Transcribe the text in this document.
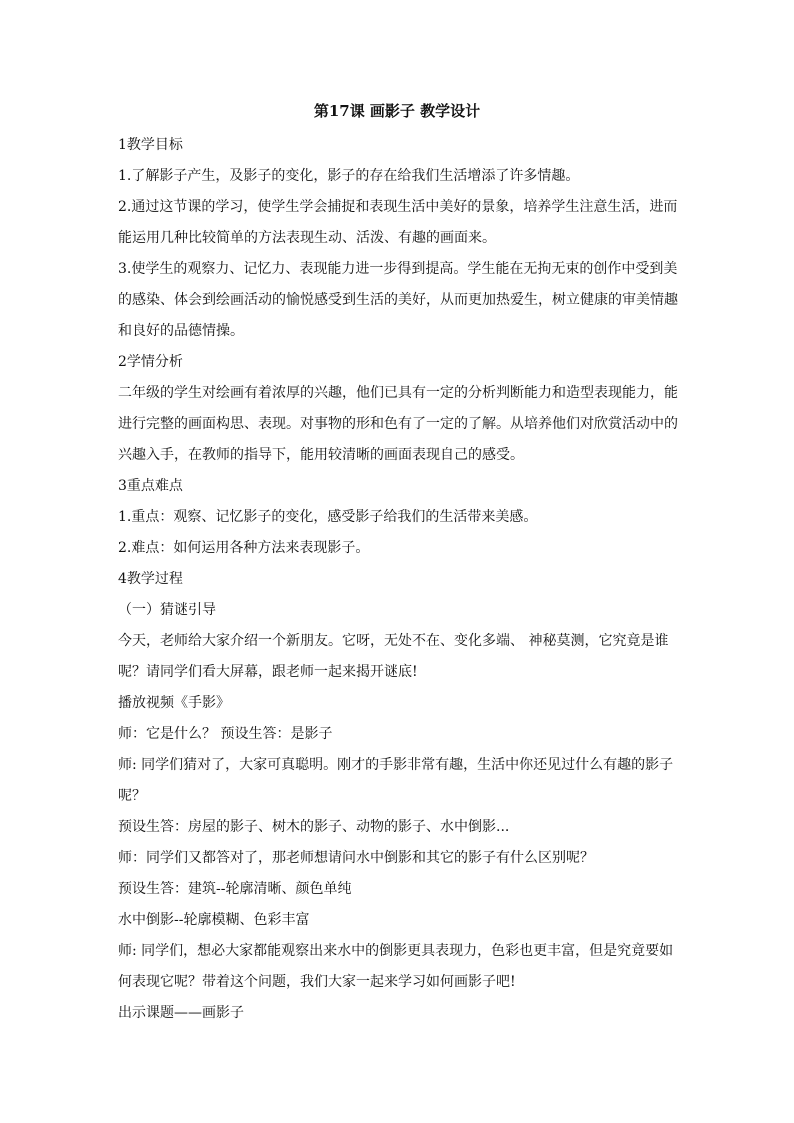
第17课 画影子 教学设计

1教学目标

1.了解影子产生，及影子的变化，影子的存在给我们生活增添了许多情趣。

2.通过这节课的学习，使学生学会捕捉和表现生活中美好的景象，培养学生注意生活，进而能运用几种比较简单的方法表现生动、活泼、有趣的画面来。

3.使学生的观察力、记忆力、表现能力进一步得到提高。学生能在无拘无束的创作中受到美的感染、体会到绘画活动的愉悦感受到生活的美好，从而更加热爱生，树立健康的审美情趣和良好的品德情操。

2学情分析

二年级的学生对绘画有着浓厚的兴趣，他们已具有一定的分析判断能力和造型表现能力，能进行完整的画面构思、表现。对事物的形和色有了一定的了解。从培养他们对欣赏活动中的兴趣入手，在教师的指导下，能用较清晰的画面表现自己的感受。

3重点难点

1.重点：观察、记忆影子的变化，感受影子给我们的生活带来美感。

2.难点：如何运用各种方法来表现影子。

4教学过程

（一）猜谜引导

今天，老师给大家介绍一个新朋友。它呀，无处不在、变化多端、 神秘莫测，它究竟是谁呢？请同学们看大屏幕，跟老师一起来揭开谜底!

播放视频《手影》

师：它是什么？ 预设生答：是影子

师: 同学们猜对了，大家可真聪明。刚才的手影非常有趣，生活中你还见过什么有趣的影子呢？

预设生答：房屋的影子、树木的影子、动物的影子、水中倒影...

师：同学们又都答对了，那老师想请问水中倒影和其它的影子有什么区别呢？

预设生答：建筑--轮廓清晰、颜色单纯

水中倒影--轮廓模糊、色彩丰富

师: 同学们，想必大家都能观察出来水中的倒影更具表现力，色彩也更丰富，但是究竟要如何表现它呢？带着这个问题，我们大家一起来学习如何画影子吧!

出示课题——画影子
